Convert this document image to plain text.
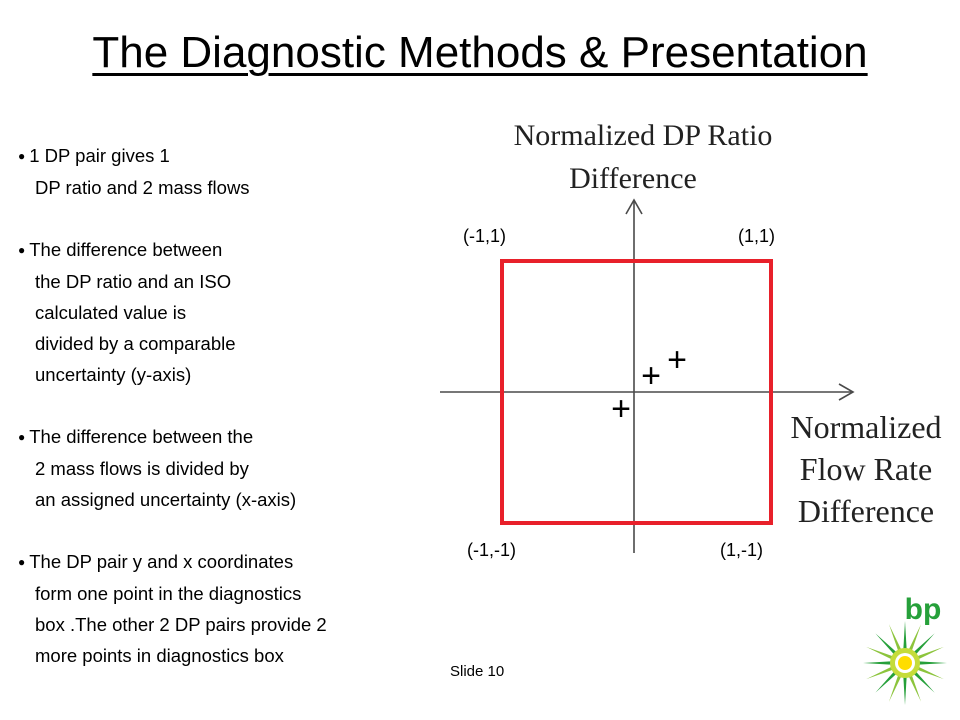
The Diagnostic Methods & Presentation
● 1 DP pair gives 1
DP ratio and 2 mass flows
● The difference between
the DP ratio and an ISO
calculated value is
divided by a comparable
uncertainty (y-axis)
● The difference between the
2 mass flows is divided by
an assigned uncertainty (x-axis)
● The DP pair y and x coordinates
form one point in the diagnostics
box .The other 2 DP pairs provide 2
more points in diagnostics box
Normalized DP Ratio
Difference
Normalized
Flow Rate
Difference
+ +
+
(-1,1)	(1,1)
(-1,-1)	(1,-1)
Slide 10
bp
